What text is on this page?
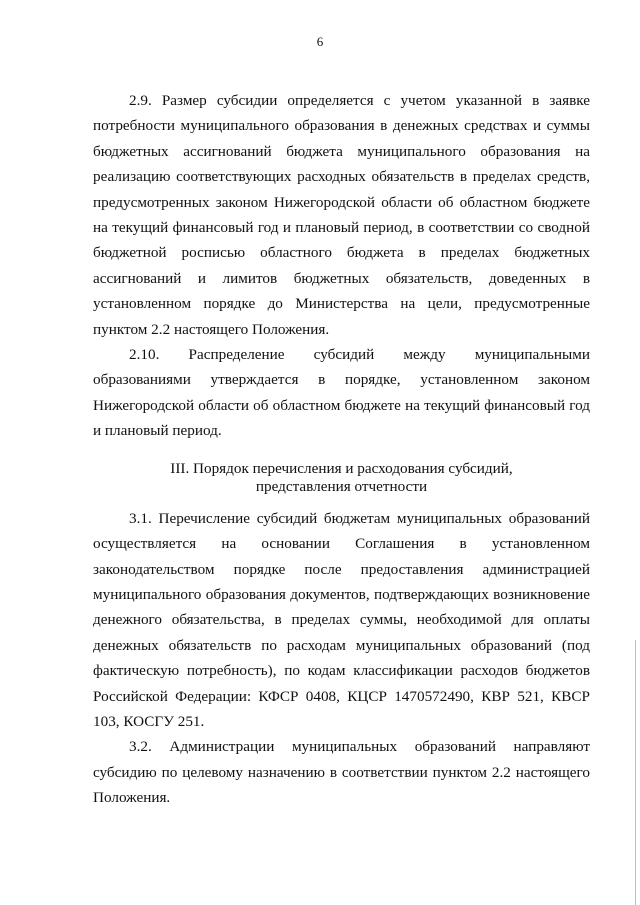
6

2.9. Размер субсидии определяется с учетом указанной в заявке потребности муниципального образования в денежных средствах и суммы бюджетных ассигнований бюджета муниципального образования на реализацию соответствующих расходных обязательств в пределах средств, предусмотренных законом Нижегородской области об областном бюджете на текущий финансовый год и плановый период, в соответствии со сводной бюджетной росписью областного бюджета в пределах бюджетных ассигнований и лимитов бюджетных обязательств, доведенных в установленном порядке до Министерства на цели, предусмотренные пунктом 2.2 настоящего Положения.

2.10. Распределение субсидий между муниципальными образованиями утверждается в порядке, установленном законом Нижегородской области об областном бюджете на текущий финансовый год и плановый период.

III. Порядок перечисления и расходования субсидий,
представления отчетности

3.1. Перечисление субсидий бюджетам муниципальных образований осуществляется на основании Соглашения в установленном законодательством порядке после предоставления администрацией муниципального образования документов, подтверждающих возникновение денежного обязательства, в пределах суммы, необходимой для оплаты денежных обязательств по расходам муниципальных образований (под фактическую потребность), по кодам классификации расходов бюджетов Российской Федерации: КФСР 0408, КЦСР 1470572490, КВР 521, КВСР 103, КОСГУ 251.

3.2. Администрации муниципальных образований направляют субсидию по целевому назначению в соответствии пунктом 2.2 настоящего Положения.
